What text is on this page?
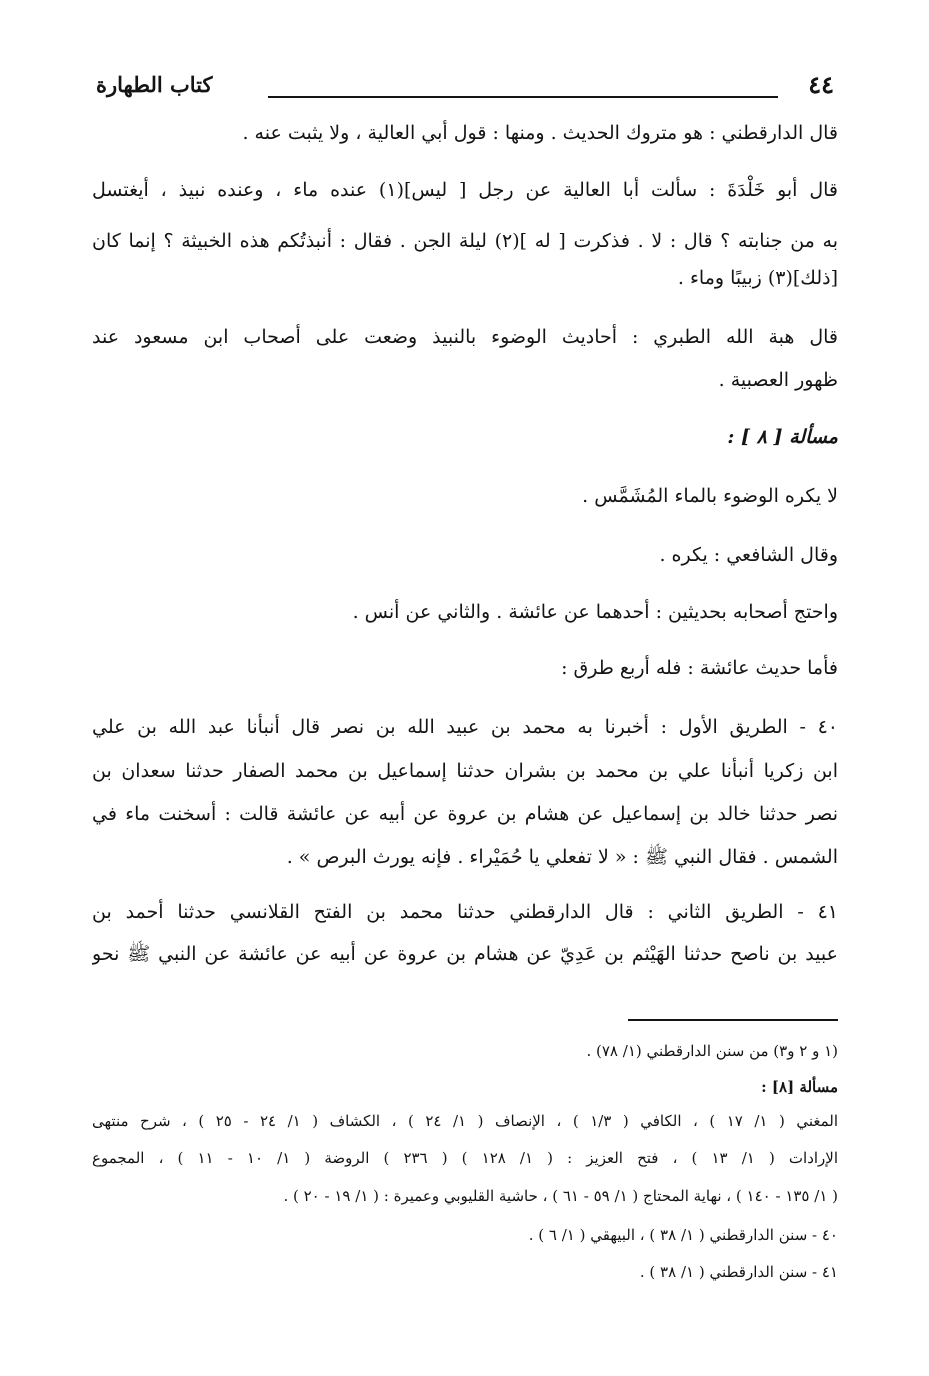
٤٤
كتاب الطهارة
قال الدارقطني : هو متروك الحديث . ومنها : قول أبي العالية ، ولا يثبت عنه .
قال أبو خَلْدَةَ : سألت أبا العالية عن رجل [ ليس](١) عنده ماء ، وعنده نبيذ ، أيغتسل
به من جنابته ؟ قال : لا . فذكرت [ له ](٢) ليلة الجن . فقال : أنبذتُكم هذه الخبيثة ؟ إنما كان
[ذلك](٣) زبيبًا وماء .
قال هبة الله الطبري : أحاديث الوضوء بالنبيذ وضعت على أصحاب ابن مسعود عند
ظهور العصبية .
مسألة [ ٨ ] :
لا يكره الوضوء بالماء المُشَمَّس .
وقال الشافعي : يكره .
واحتج أصحابه بحديثين : أحدهما عن عائشة . والثاني عن أنس .
فأما حديث عائشة : فله أربع طرق :
٤٠ - الطريق الأول : أخبرنا به محمد بن عبيد الله بن نصر قال أنبأنا عبد الله بن علي
ابن زكريا أنبأنا علي بن محمد بن بشران حدثنا إسماعيل بن محمد الصفار حدثنا سعدان بن
نصر حدثنا خالد بن إسماعيل عن هشام بن عروة عن أبيه عن عائشة قالت : أسخنت ماء في
الشمس . فقال النبي ﷺ : « لا تفعلي يا حُمَيْراء . فإنه يورث البرص » .
٤١ - الطريق الثاني : قال الدارقطني حدثنا محمد بن الفتح القلانسي حدثنا أحمد بن
عبيد بن ناصح حدثنا الهَيْثم بن عَدِيّ عن هشام بن عروة عن أبيه عن عائشة عن النبي ﷺ نحو
(١ و ٢ و٣) من سنن الدارقطني (١/ ٧٨) .
مسألة [٨] :
المغني ( ١/ ١٧ ) ، الكافي ( ١/٣ ) ، الإنصاف ( ١/ ٢٤ ) ، الكشاف ( ١/ ٢٤ - ٢٥ ) ، شرح منتهى
الإرادات ( ١/ ١٣ ) ، فتح العزيز : ( ١/ ١٢٨ ) ( ٢٣٦ ) الروضة ( ١/ ١٠ - ١١ ) ، المجموع
( ١/ ١٣٥ - ١٤٠ ) ، نهاية المحتاج ( ١/ ٥٩ - ٦١ ) ، حاشية القليوبي وعميرة : ( ١/ ١٩ - ٢٠ ) .
٤٠ - سنن الدارقطني ( ١/ ٣٨ ) ، البيهقي ( ١/ ٦ ) .
٤١ - سنن الدارقطني ( ١/ ٣٨ ) .
